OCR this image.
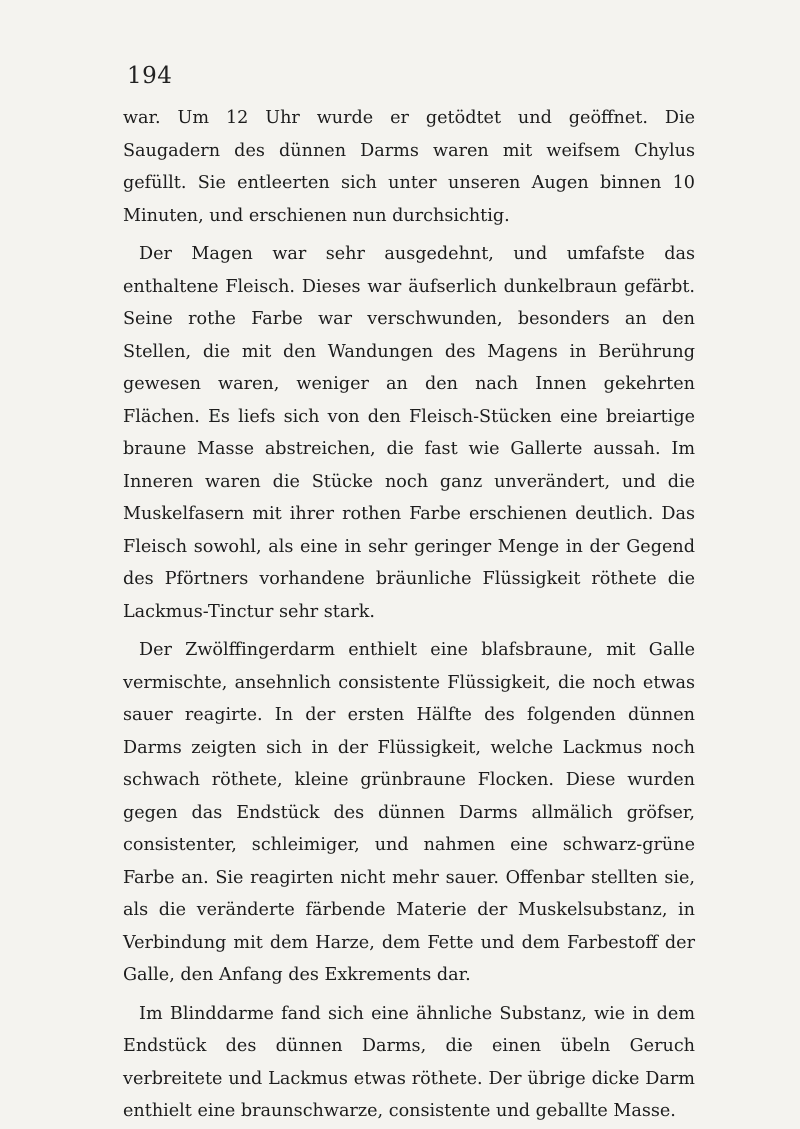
194

war. Um 12 Uhr wurde er getödtet und geöffnet. Die Saugadern des dünnen Darms waren mit weifsem Chylus gefüllt. Sie entleerten sich unter unseren Augen binnen 10 Minuten, und erschienen nun durchsichtig.

Der Magen war sehr ausgedehnt, und umfafste das enthaltene Fleisch. Dieses war äufserlich dunkelbraun gefärbt. Seine rothe Farbe war verschwunden, besonders an den Stellen, die mit den Wandungen des Magens in Berührung gewesen waren, weniger an den nach Innen gekehrten Flächen. Es liefs sich von den Fleisch-Stücken eine breiartige braune Masse abstreichen, die fast wie Gallerte aussah. Im Inneren waren die Stücke noch ganz unverändert, und die Muskelfasern mit ihrer rothen Farbe erschienen deutlich. Das Fleisch sowohl, als eine in sehr geringer Menge in der Gegend des Pförtners vorhandene bräunliche Flüssigkeit röthete die Lackmus-Tinctur sehr stark.

Der Zwölffingerdarm enthielt eine blafsbraune, mit Galle vermischte, ansehnlich consistente Flüssigkeit, die noch etwas sauer reagirte. In der ersten Hälfte des folgenden dünnen Darms zeigten sich in der Flüssigkeit, welche Lackmus noch schwach röthete, kleine grünbraune Flocken. Diese wurden gegen das Endstück des dünnen Darms allmälich gröfser, consistenter, schleimiger, und nahmen eine schwarz-grüne Farbe an. Sie reagirten nicht mehr sauer. Offenbar stellten sie, als die veränderte färbende Materie der Muskelsubstanz, in Verbindung mit dem Harze, dem Fette und dem Farbestoff der Galle, den Anfang des Exkrements dar.

Im Blinddarme fand sich eine ähnliche Substanz, wie in dem Endstück des dünnen Darms, die einen übeln Geruch verbreitete und Lackmus etwas röthete. Der übrige dicke Darm enthielt eine braunschwarze, consistente und geballte Masse.
